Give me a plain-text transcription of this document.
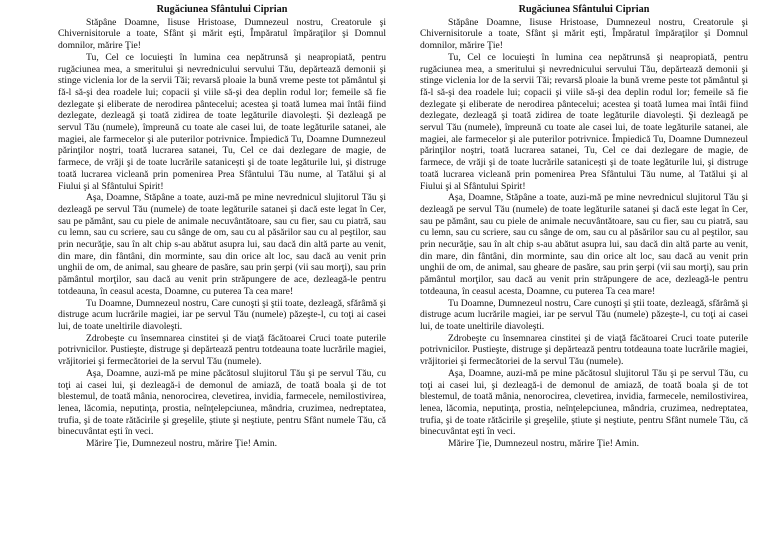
Rugăciunea Sfântului Ciprian

Stăpâne Doamne, Iisuse Hristoase, Dumnezeul nostru, Creatorule şi Chivernisitorule a toate, Sfânt şi mărit eşti, Împăratul împăraţilor şi Domnul domnilor, mărire Ţie!

Tu, Cel ce locuieşti în lumina cea nepătrunsă şi neapropiată, pentru rugăciunea mea, a smeritului şi nevrednicului servului Tău, depărtează demonii şi stinge viclenia lor de la servii Tăi; revarsă ploaie la bună vreme peste tot pământul şi fă-l să-şi dea roadele lui; copacii şi viile să-şi dea deplin rodul lor; femeile să fie dezlegate şi eliberate de nerodirea pântecelui; acestea şi toată lumea mai întâi fiind dezlegate, dezleagă şi toată zidirea de toate legăturile diavoleşti. Şi dezleagă pe servul Tău (numele), împreună cu toate ale casei lui, de toate legăturile satanei, ale magiei, ale farmecelor şi ale puterilor potrivnice. Împiedică Tu, Doamne Dumnezeul părinţilor noştri, toată lucrarea satanei, Tu, Cel ce dai dezlegare de magie, de farmece, de vrăji şi de toate lucrările satanicești şi de toate legăturile lui, şi distruge toată lucrarea vicleană prin pomenirea Prea Sfântului Tău nume, al Tatălui şi al Fiului şi al Sfântului Spirit!

Aşa, Doamne, Stăpâne a toate, auzi-mă pe mine nevrednicul slujitorul Tău şi dezleagă pe servul Tău (numele) de toate legăturile satanei şi dacă este legat în Cer, sau pe pământ, sau cu piele de animale necuvântătoare, sau cu fier, sau cu piatră, sau cu lemn, sau cu scriere, sau cu sânge de om, sau cu al păsărilor sau cu al peştilor, sau prin necurăţie, sau în alt chip s-au abătut asupra lui, sau dacă din altă parte au venit, din mare, din fântâni, din morminte, sau din orice alt loc, sau dacă au venit prin unghii de om, de animal, sau gheare de pasăre, sau prin şerpi (vii sau morţi), sau prin pământul morţilor, sau dacă au venit prin străpungere de ace, dezleagă-le pentru totdeauna, în ceasul acesta, Doamne, cu puterea Ta cea mare!

Tu Doamne, Dumnezeul nostru, Care cunoşti şi ştii toate, dezleagă, sfărâmă şi distruge acum lucrările magiei, iar pe servul Tău (numele) păzeşte-l, cu toţi ai casei lui, de toate uneltirile diavoleşti.

Zdrobeşte cu însemnarea cinstitei şi de viaţă făcătoarei Cruci toate puterile potrivnicilor. Pustieşte, distruge şi depărtează pentru totdeauna toate lucrările magiei, vrăjitoriei şi fermecătoriei de la servul Tău (numele).

Aşa, Doamne, auzi-mă pe mine păcătosul slujitorul Tău şi pe servul Tău, cu toţi ai casei lui, şi dezleagă-i de demonul de amiază, de toată boala şi de tot blestemul, de toată mânia, nenorocirea, clevetirea, invidia, farmecele, nemilostivirea, lenea, lăcomia, neputinţa, prostia, neînţelepciunea, mândria, cruzimea, nedreptatea, trufia, şi de toate rătăcirile şi greşelile, ştiute şi neştiute, pentru Sfânt numele Tău, că binecuvântat eşti în veci.

Mărire Ţie, Dumnezeul nostru, mărire Ţie! Amin.

Rugăciunea Sfântului Ciprian

Stăpâne Doamne, Iisuse Hristoase, Dumnezeul nostru, Creatorule şi Chivernisitorule a toate, Sfânt şi mărit eşti, Împăratul împăraţilor şi Domnul domnilor, mărire Ţie!

Tu, Cel ce locuieşti în lumina cea nepătrunsă şi neapropiată, pentru rugăciunea mea, a smeritului şi nevrednicului servului Tău, depărtează demonii şi stinge viclenia lor de la servii Tăi; revarsă ploaie la bună vreme peste tot pământul şi fă-l să-şi dea roadele lui; copacii şi viile să-şi dea deplin rodul lor; femeile să fie dezlegate şi eliberate de nerodirea pântecelui; acestea şi toată lumea mai întâi fiind dezlegate, dezleagă şi toată zidirea de toate legăturile diavoleşti. Şi dezleagă pe servul Tău (numele), împreună cu toate ale casei lui, de toate legăturile satanei, ale magiei, ale farmecelor şi ale puterilor potrivnice. Împiedică Tu, Doamne Dumnezeul părinţilor noştri, toată lucrarea satanei, Tu, Cel ce dai dezlegare de magie, de farmece, de vrăji şi de toate lucrările satanicești şi de toate legăturile lui, şi distruge toată lucrarea vicleană prin pomenirea Prea Sfântului Tău nume, al Tatălui şi al Fiului şi al Sfântului Spirit!

Aşa, Doamne, Stăpâne a toate, auzi-mă pe mine nevrednicul slujitorul Tău şi dezleagă pe servul Tău (numele) de toate legăturile satanei şi dacă este legat în Cer, sau pe pământ, sau cu piele de animale necuvântătoare, sau cu fier, sau cu piatră, sau cu lemn, sau cu scriere, sau cu sânge de om, sau cu al păsărilor sau cu al peştilor, sau prin necurăţie, sau în alt chip s-au abătut asupra lui, sau dacă din altă parte au venit, din mare, din fântâni, din morminte, sau din orice alt loc, sau dacă au venit prin unghii de om, de animal, sau gheare de pasăre, sau prin şerpi (vii sau morţi), sau prin pământul morţilor, sau dacă au venit prin străpungere de ace, dezleagă-le pentru totdeauna, în ceasul acesta, Doamne, cu puterea Ta cea mare!

Tu Doamne, Dumnezeul nostru, Care cunoşti şi ştii toate, dezleagă, sfărâmă şi distruge acum lucrările magiei, iar pe servul Tău (numele) păzeşte-l, cu toţi ai casei lui, de toate uneltirile diavoleşti.

Zdrobeşte cu însemnarea cinstitei şi de viaţă făcătoarei Cruci toate puterile potrivnicilor. Pustieşte, distruge şi depărtează pentru totdeauna toate lucrările magiei, vrăjitoriei şi fermecătoriei de la servul Tău (numele).

Aşa, Doamne, auzi-mă pe mine păcătosul slujitorul Tău şi pe servul Tău, cu toţi ai casei lui, şi dezleagă-i de demonul de amiază, de toată boala şi de tot blestemul, de toată mânia, nenorocirea, clevetirea, invidia, farmecele, nemilostivirea, lenea, lăcomia, neputinţa, prostia, neînţelepciunea, mândria, cruzimea, nedreptatea, trufia, şi de toate rătăcirile şi greşelile, ştiute şi neştiute, pentru Sfânt numele Tău, că binecuvântat eşti în veci.

Mărire Ţie, Dumnezeul nostru, mărire Ţie! Amin.
